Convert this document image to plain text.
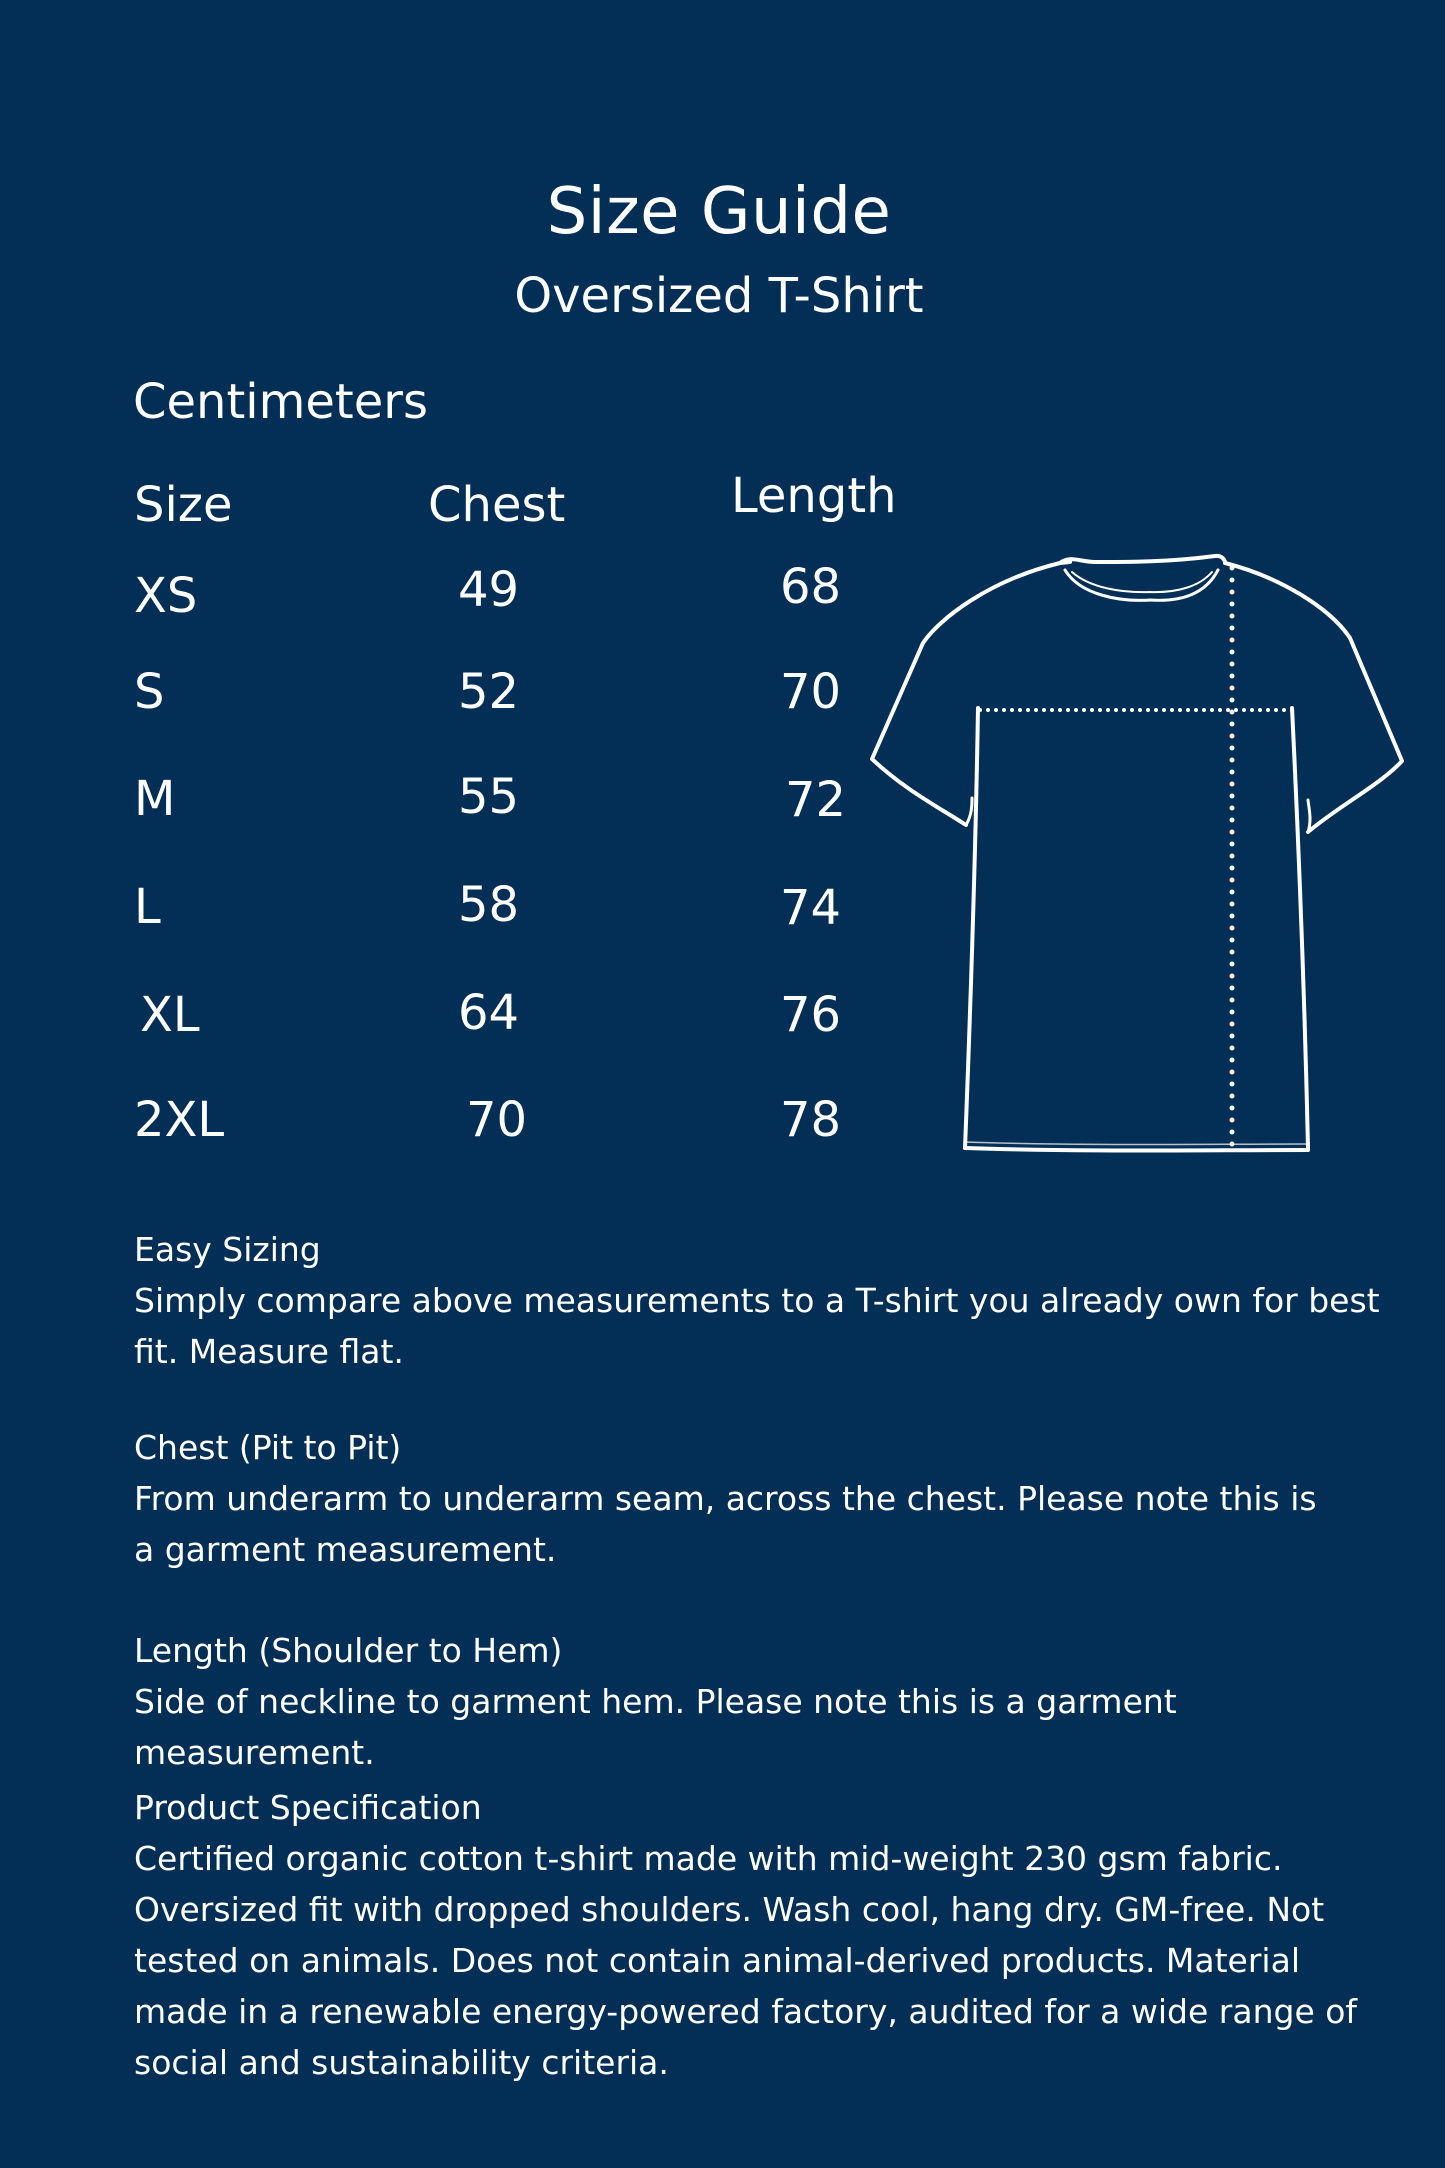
Size Guide
Oversized T-Shirt
Centimeters
Size	Chest	Length
XS	49	68
S	52	70
M	55	72
L	58	74
XL	64	76
2XL	70	78
Easy Sizing
Simply compare above measurements to a T-shirt you already own for best fit. Measure flat.
Chest (Pit to Pit)
From underarm to underarm seam, across the chest. Please note this is a garment measurement.
Length (Shoulder to Hem)
Side of neckline to garment hem. Please note this is a garment measurement.
Product Specification
Certified organic cotton t-shirt made with mid-weight 230 gsm fabric. Oversized fit with dropped shoulders. Wash cool, hang dry. GM-free. Not tested on animals. Does not contain animal-derived products. Material made in a renewable energy-powered factory, audited for a wide range of social and sustainability criteria.
